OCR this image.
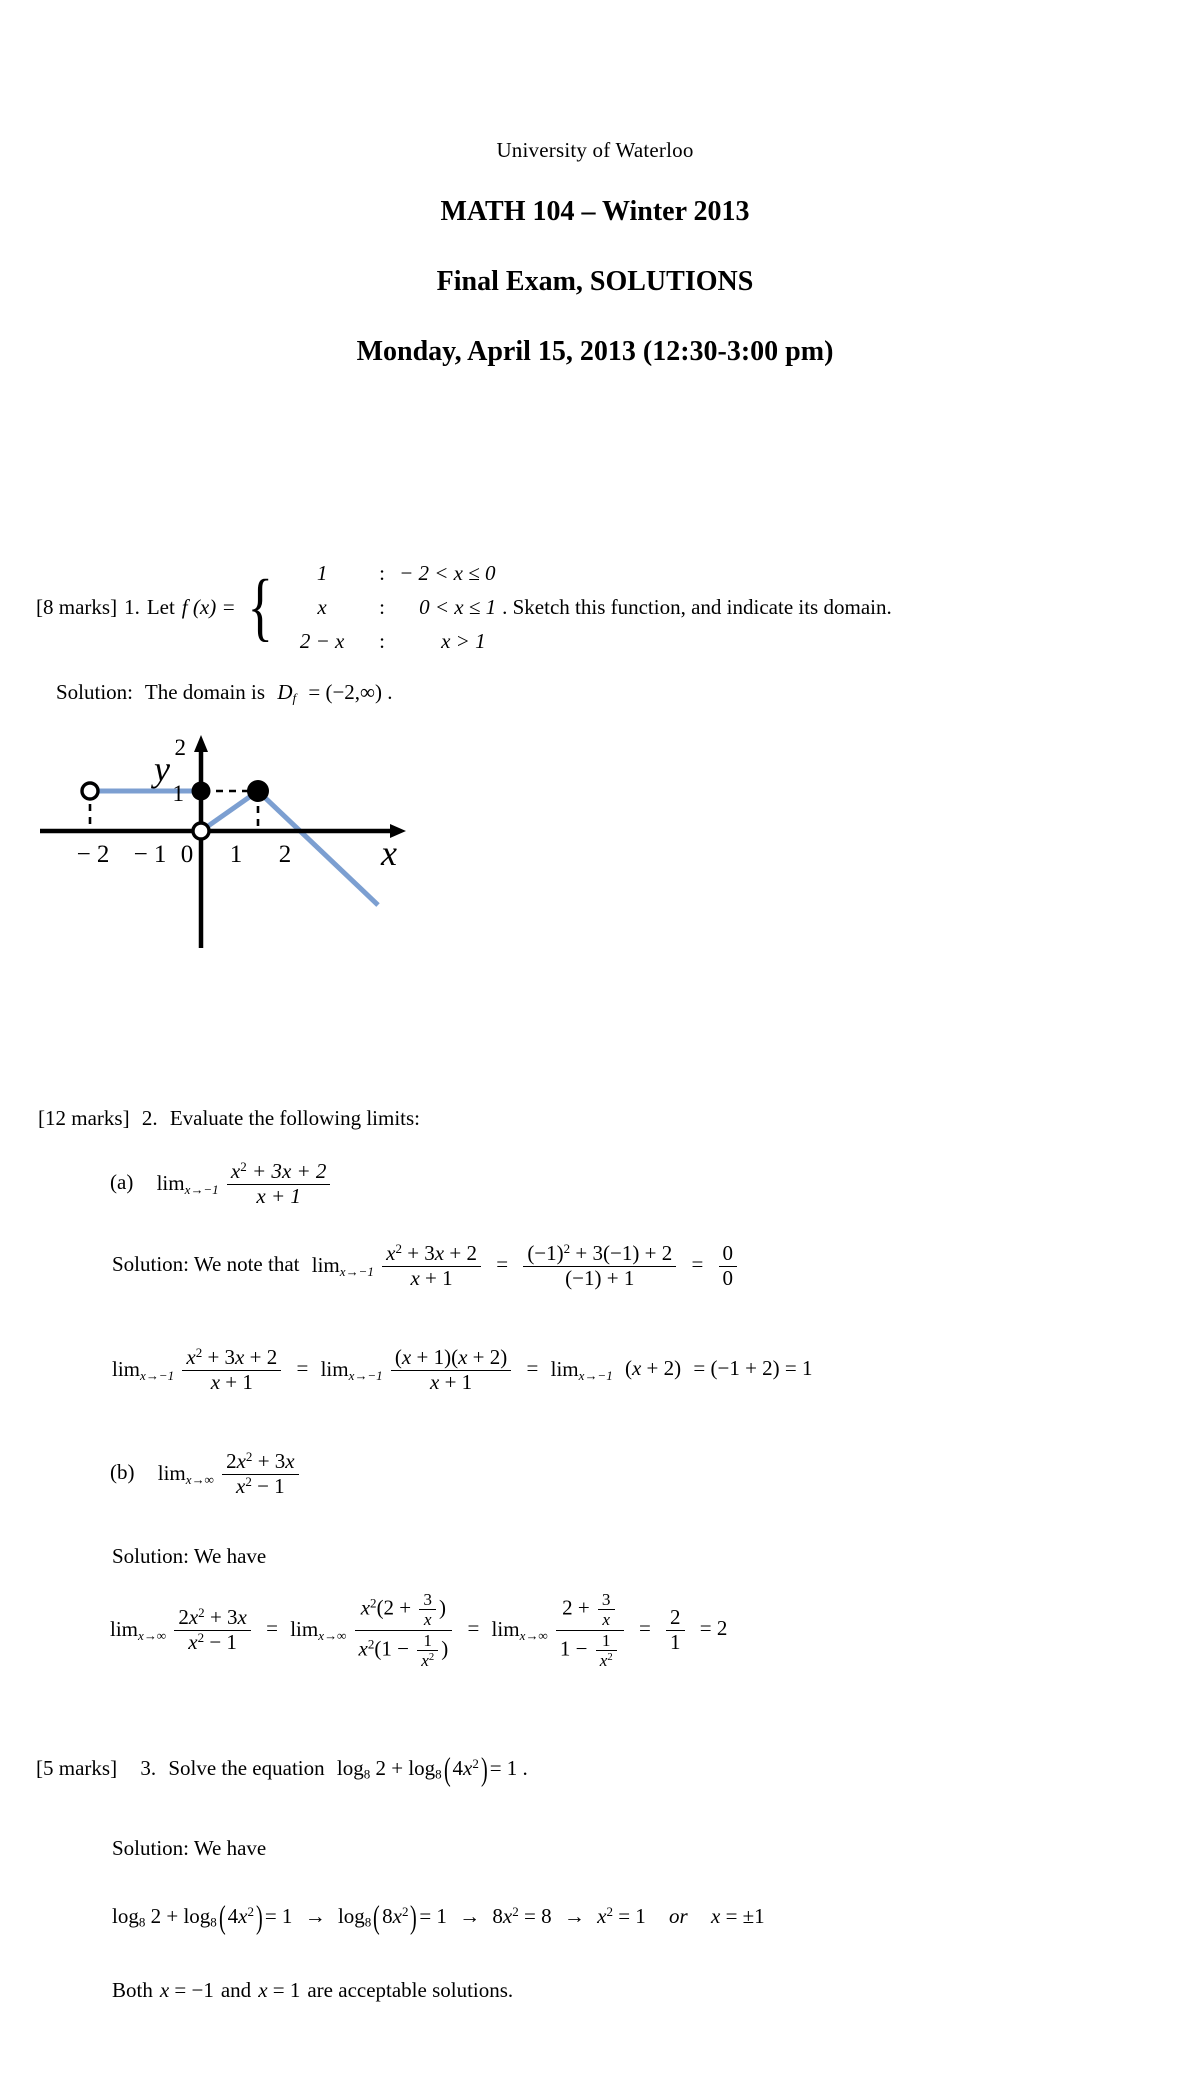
University of Waterloo
MATH 104 – Winter 2013
Final Exam, SOLUTIONS
Monday, April 15, 2013 (12:30-3:00 pm)
[8 marks] 1. Let f (x) = {	1	: − 2 < x ≤ 0
x	:	0 < x ≤ 1
2 − x	:	x > 1
. Sketch this function, and indicate its domain.
Solution: The domain is $D_f = (-2,\infty)$ .
1
2
− 2 − 1 0 1 2
y
x
[12 marks] 2. Evaluate the following limits:
(a) $\lim x\to-1 \frac{x^2 + 3x + 2}{x + 1}$
Solution: We note that $\lim x\to-1 \frac{x^2 + 3x + 2}{x + 1} = \frac{(-1)^2 + 3(-1) + 2}{(-1) + 1} = \frac{0}{0}$
$\lim x\to-1 \frac{x^2 + 3x + 2}{x + 1} = \lim x\to-1 \frac{(x + 1)(x + 2)}{x + 1} = \lim x\to-1$ (x + 2) = (−1 + 2) = 1
(b) $\lim x\to\infty \frac{2x^2 + 3x}{x^2 - 1}$
Solution: We have
$\lim x\to\infty \frac{2x^2 + 3x}{x^2 - 1} = \lim x\to\infty \frac{x^2(2 + \frac{3}{x} )}{x^2(1 - \frac{1}{x^2} )} = \lim x\to\infty \frac{2 + \frac{3}{x}}{1 - \frac{1}{x^2}} = \frac{2}{1} = 2$
[5 marks] 3. Solve the equation $\log_8 2 + \log_8(4x^2)= 1$ .
Solution: We have
$\log_8 2 + \log_8(4x^2)= 1 \to \log_8(8x^2)= 1 \to 8x^2 = 8 \to x^2 = 1$ or x = ±1
Both x = −1 and x = 1 are acceptable solutions.
